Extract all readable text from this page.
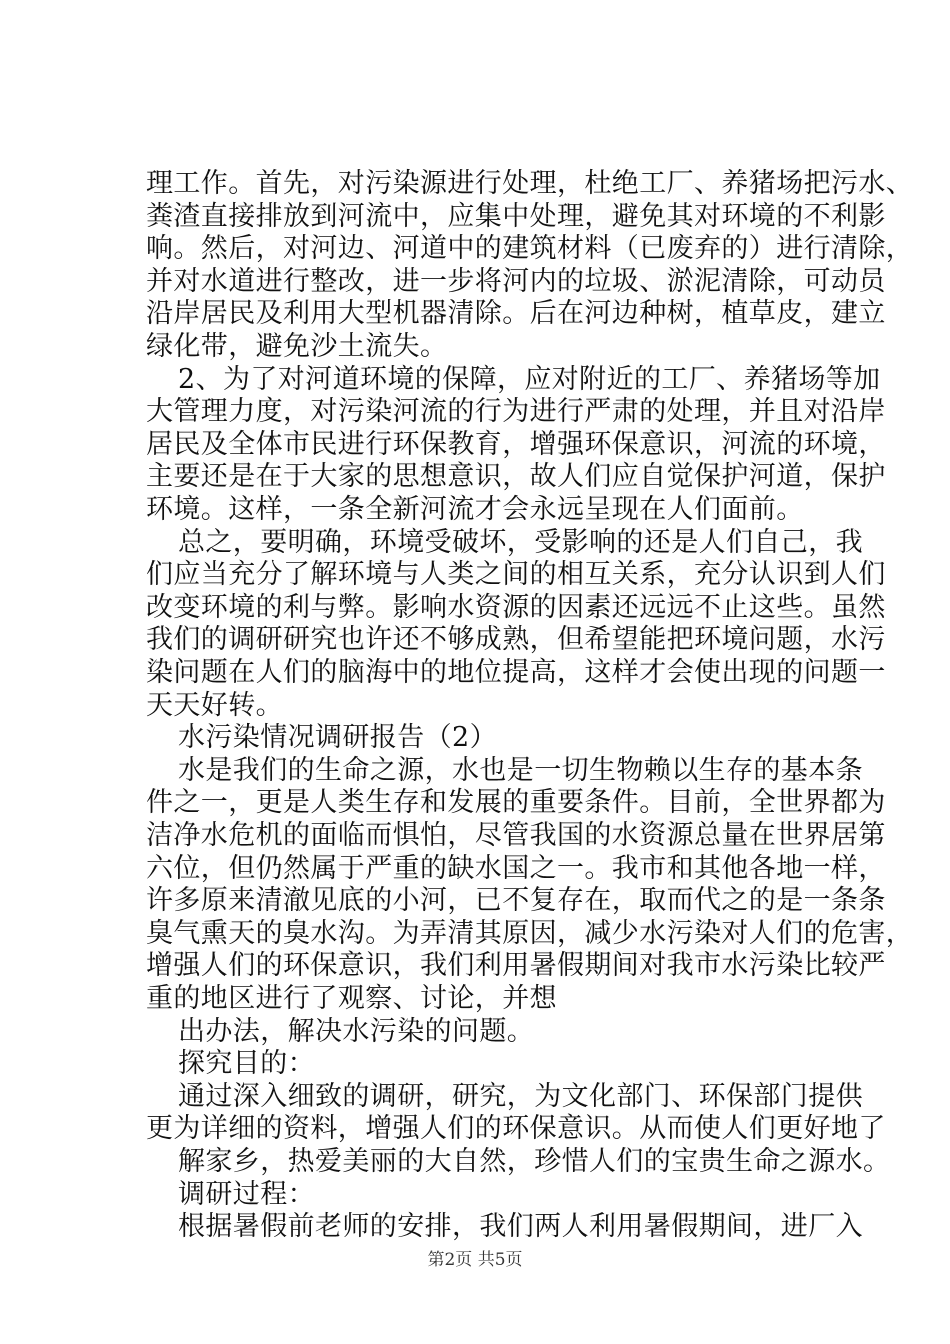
理工作。首先，对污染源进行处理，杜绝工厂、养猪场把污水、
粪渣直接排放到河流中，应集中处理，避免其对环境的不利影
响。然后，对河边、河道中的建筑材料（已废弃的）进行清除，
并对水道进行整改，进一步将河内的垃圾、淤泥清除，可动员
沿岸居民及利用大型机器清除。后在河边种树，植草皮，建立
绿化带，避免沙土流失。
2、为了对河道环境的保障，应对附近的工厂、养猪场等加
大管理力度，对污染河流的行为进行严肃的处理，并且对沿岸
居民及全体市民进行环保教育，增强环保意识，河流的环境，
主要还是在于大家的思想意识，故人们应自觉保护河道，保护
环境。这样，一条全新河流才会永远呈现在人们面前。
总之，要明确，环境受破坏，受影响的还是人们自己，我
们应当充分了解环境与人类之间的相互关系，充分认识到人们
改变环境的利与弊。影响水资源的因素还远远不止这些。虽然
我们的调研研究也许还不够成熟，但希望能把环境问题，水污
染问题在人们的脑海中的地位提高，这样才会使出现的问题一
天天好转。
水污染情况调研报告（2）
水是我们的生命之源，水也是一切生物赖以生存的基本条
件之一，更是人类生存和发展的重要条件。目前，全世界都为
洁净水危机的面临而惧怕，尽管我国的水资源总量在世界居第
六位，但仍然属于严重的缺水国之一。我市和其他各地一样，
许多原来清澈见底的小河，已不复存在，取而代之的是一条条
臭气熏天的臭水沟。为弄清其原因，减少水污染对人们的危害，
增强人们的环保意识，我们利用暑假期间对我市水污染比较严
重的地区进行了观察、讨论，并想
出办法，解决水污染的问题。
探究目的：
通过深入细致的调研，研究，为文化部门、环保部门提供
更为详细的资料，增强人们的环保意识。从而使人们更好地了
解家乡，热爱美丽的大自然，珍惜人们的宝贵生命之源水。
调研过程：
根据暑假前老师的安排，我们两人利用暑假期间，进厂入
第2页 共5页
